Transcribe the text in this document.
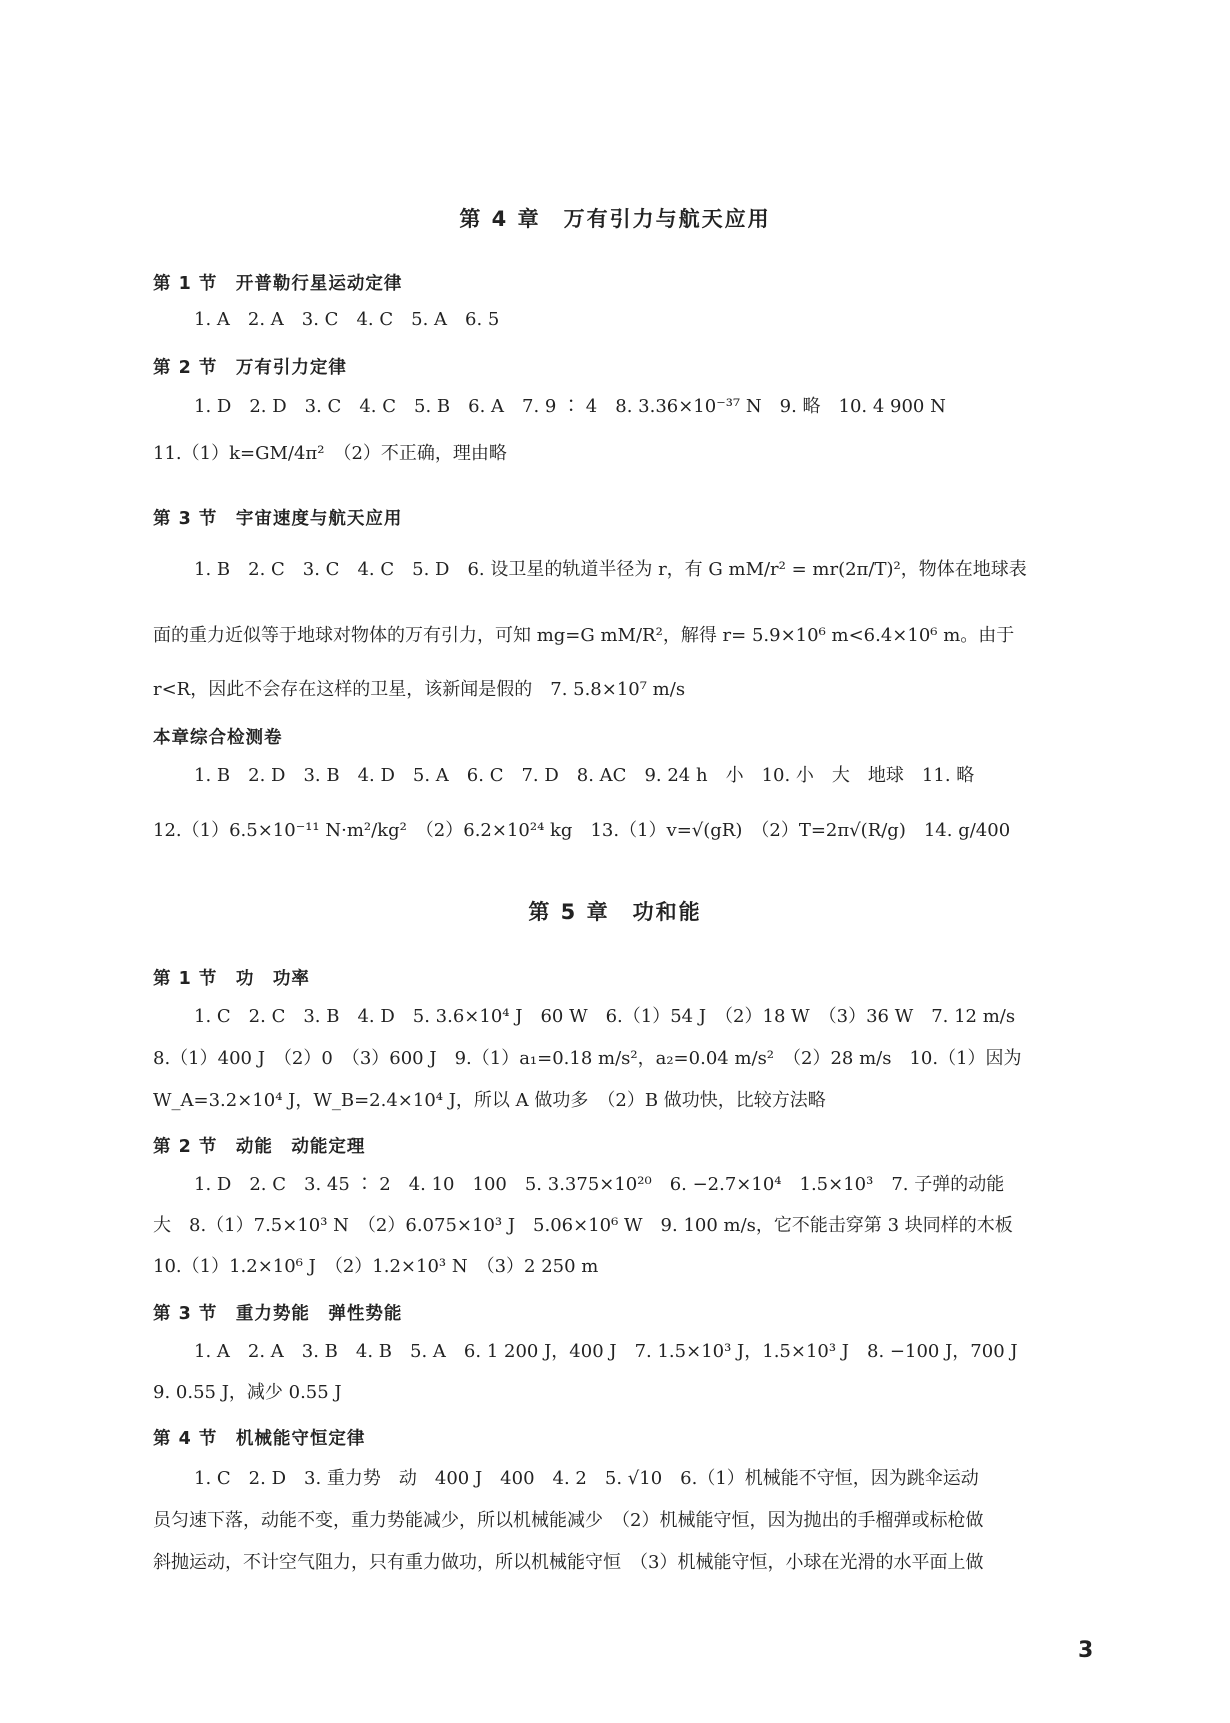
第 4 章　万有引力与航天应用
第 1 节　开普勒行星运动定律
1. A　2. A　3. C　4. C　5. A　6. 5
第 2 节　万有引力定律
1. D　2. D　3. C　4. C　5. B　6. A　7. 9 ∶ 4　8. 3.36×10⁻³⁷ N　9. 略　10. 4 900 N
11.（1）k=GM/4π²　（2）不正确，理由略
第 3 节　宇宙速度与航天应用
1. B　2. C　3. C　4. C　5. D　6. 设卫星的轨道半径为 r，有 G mM/r² = mr(2π/T)²，物体在地球表
面的重力近似等于地球对物体的万有引力，可知 mg=G mM/R²，解得 r= 5.9×10⁶ m<6.4×10⁶ m。由于
r<R，因此不会存在这样的卫星，该新闻是假的　7. 5.8×10⁷ m/s
本章综合检测卷
1. B　2. D　3. B　4. D　5. A　6. C　7. D　8. AC　9. 24 h　小　10. 小　大　地球　11. 略
12.（1）6.5×10⁻¹¹ N·m²/kg²　（2）6.2×10²⁴ kg　13.（1）v=√(gR)　（2）T=2π√(R/g)　14. g/400
第 5 章　功和能
第 1 节　功　功率
1. C　2. C　3. B　4. D　5. 3.6×10⁴ J　60 W　6.（1）54 J　（2）18 W　（3）36 W　7. 12 m/s
8.（1）400 J　（2）0　（3）600 J　9.（1）a₁=0.18 m/s²，a₂=0.04 m/s²　（2）28 m/s　10.（1）因为
W_A=3.2×10⁴ J，W_B=2.4×10⁴ J，所以 A 做功多　（2）B 做功快，比较方法略
第 2 节　动能　动能定理
1. D　2. C　3. 45 ∶ 2　4. 10　100　5. 3.375×10²⁰　6. −2.7×10⁴　1.5×10³　7. 子弹的动能
大　8.（1）7.5×10³ N　（2）6.075×10³ J　5.06×10⁶ W　9. 100 m/s，它不能击穿第 3 块同样的木板
10.（1）1.2×10⁶ J　（2）1.2×10³ N　（3）2 250 m
第 3 节　重力势能　弹性势能
1. A　2. A　3. B　4. B　5. A　6. 1 200 J，400 J　7. 1.5×10³ J，1.5×10³ J　8. −100 J，700 J
9. 0.55 J，减少 0.55 J
第 4 节　机械能守恒定律
1. C　2. D　3. 重力势　动　400 J　400　4. 2　5. √10　6.（1）机械能不守恒，因为跳伞运动
员匀速下落，动能不变，重力势能减少，所以机械能减少　（2）机械能守恒，因为抛出的手榴弹或标枪做
斜抛运动，不计空气阻力，只有重力做功，所以机械能守恒　（3）机械能守恒，小球在光滑的水平面上做
3
